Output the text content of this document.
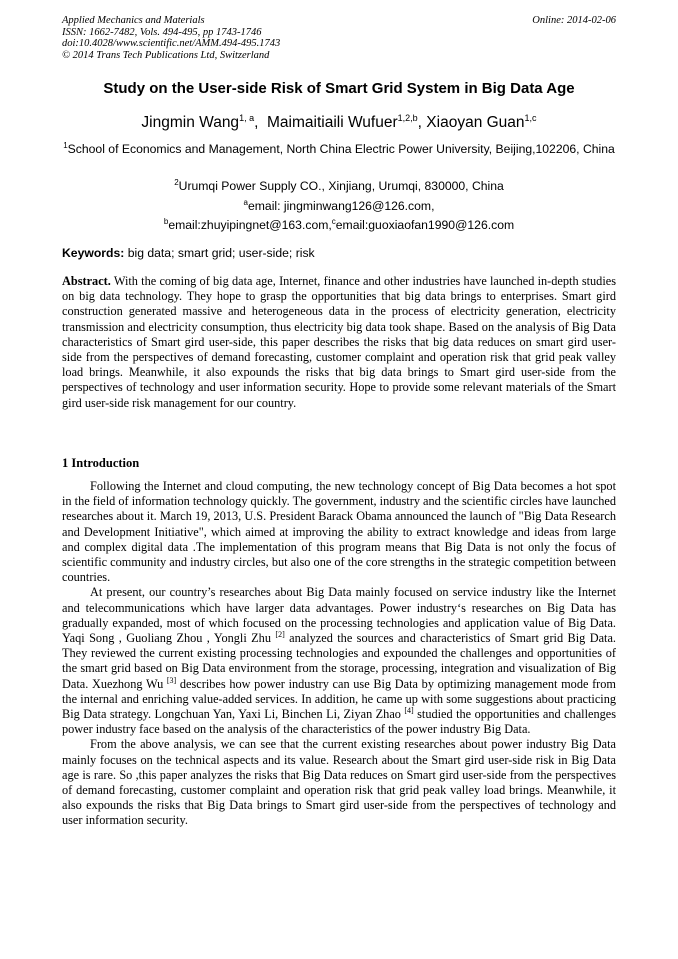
Applied Mechanics and Materials
ISSN: 1662-7482, Vols. 494-495, pp 1743-1746
doi:10.4028/www.scientific.net/AMM.494-495.1743
© 2014 Trans Tech Publications Ltd, Switzerland
Online: 2014-02-06
Study on the User-side Risk of Smart Grid System in Big Data Age
Jingmin Wang$^{1, a}$,  Maimaitiaili Wufuer$^{1,2,b}$, Xiaoyan Guan$^{1,c}$
$^1$School of Economics and Management, North China Electric Power University, Beijing,102206, China
$^2$Urumqi Power Supply CO., Xinjiang, Urumqi, 830000, China
$^a$email: jingminwang126@126.com,
$^b$email:zhuyipingnet@163.com,$^c$email:guoxiaofan1990@126.com
Keywords: big data; smart grid; user-side; risk
Abstract. With the coming of big data age, Internet, finance and other industries have launched in-depth studies on big data technology. They hope to grasp the opportunities that big data brings to enterprises. Smart gird construction generated massive and heterogeneous data in the process of electricity generation, electricity transmission and electricity consumption, thus electricity big data took shape. Based on the analysis of Big Data characteristics of Smart gird user-side, this paper describes the risks that big data reduces on smart gird user-side from the perspectives of demand forecasting, customer complaint and operation risk that grid peak valley load brings. Meanwhile, it also expounds the risks that big data brings to Smart gird user-side from the perspectives of technology and user information security. Hope to provide some relevant materials of the Smart gird user-side risk management for our country.
1 Introduction

Following the Internet and cloud computing, the new technology concept of Big Data becomes a hot spot in the field of information technology quickly. The government, industry and the scientific circles have launched researches about it. March 19, 2013, U.S. President Barack Obama announced the launch of "Big Data Research and Development Initiative", which aimed at improving the ability to extract knowledge and ideas from large and complex digital data .The implementation of this program means that Big Data is not only the focus of scientific community and industry circles, but also one of the core strengths in the strategic competition between countries.

At present, our country’s researches about Big Data mainly focused on service industry like the Internet and telecommunications which have larger data advantages. Power industry‘s researches on Big Data has gradually expanded, most of which focused on the processing technologies and application value of Big Data. Yaqi Song , Guoliang Zhou , Yongli Zhu [2] analyzed the sources and characteristics of Smart grid Big Data. They reviewed the current existing processing technologies and expounded the challenges and opportunities of the smart grid based on Big Data environment from the storage, processing, integration and visualization of Big Data. Xuezhong Wu [3] describes how power industry can use Big Data by optimizing management mode from the internal and enriching value-added services. In addition, he came up with some suggestions about practicing Big Data strategy. Longchuan Yan, Yaxi Li, Binchen Li, Ziyan Zhao [4] studied the opportunities and challenges power industry face based on the analysis of the characteristics of the power industry Big Data.

From the above analysis, we can see that the current existing researches about power industry Big Data mainly focuses on the technical aspects and its value. Research about the Smart gird user-side risk in Big Data age is rare. So ,this paper analyzes the risks that Big Data reduces on Smart gird user-side from the perspectives of demand forecasting, customer complaint and operation risk that grid peak valley load brings. Meanwhile, it also expounds the risks that Big Data brings to Smart gird user-side from the perspectives of technology and user information security.
